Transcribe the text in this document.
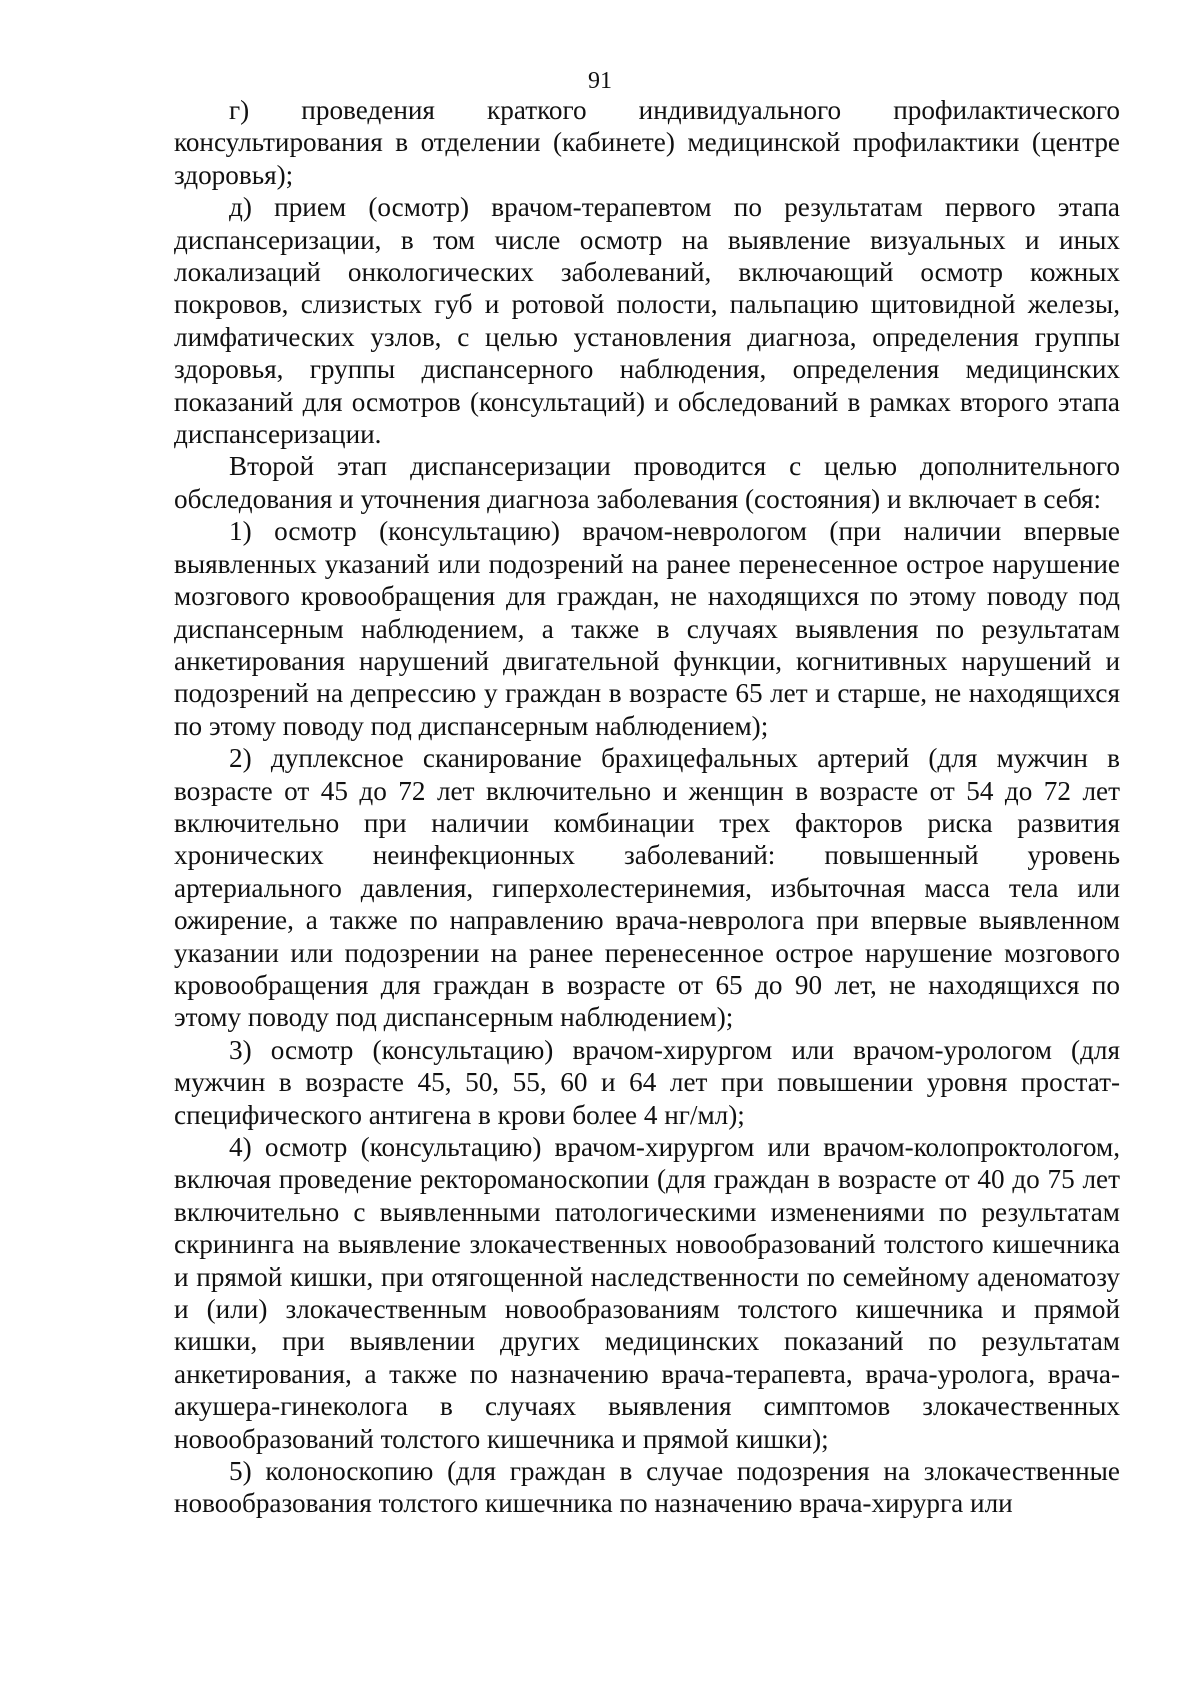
91

г) проведения краткого индивидуального профилактического консультирования в отделении (кабинете) медицинской профилактики (центре здоровья);

д) прием (осмотр) врачом-терапевтом по результатам первого этапа диспансеризации, в том числе осмотр на выявление визуальных и иных локализаций онкологических заболеваний, включающий осмотр кожных покровов, слизистых губ и ротовой полости, пальпацию щитовидной железы, лимфатических узлов, с целью установления диагноза, определения группы здоровья, группы диспансерного наблюдения, определения медицинских показаний для осмотров (консультаций) и обследований в рамках второго этапа диспансеризации.

Второй этап диспансеризации проводится с целью дополнительного обследования и уточнения диагноза заболевания (состояния) и включает в себя:

1) осмотр (консультацию) врачом-неврологом (при наличии впервые выявленных указаний или подозрений на ранее перенесенное острое нарушение мозгового кровообращения для граждан, не находящихся по этому поводу под диспансерным наблюдением, а также в случаях выявления по результатам анкетирования нарушений двигательной функции, когнитивных нарушений и подозрений на депрессию у граждан в возрасте 65 лет и старше, не находящихся по этому поводу под диспансерным наблюдением);

2) дуплексное сканирование брахицефальных артерий (для мужчин в возрасте от 45 до 72 лет включительно и женщин в возрасте от 54 до 72 лет включительно при наличии комбинации трех факторов риска развития хронических неинфекционных заболеваний: повышенный уровень артериального давления, гиперхолестеринемия, избыточная масса тела или ожирение, а также по направлению врача-невролога при впервые выявленном указании или подозрении на ранее перенесенное острое нарушение мозгового кровообращения для граждан в возрасте от 65 до 90 лет, не находящихся по этому поводу под диспансерным наблюдением);

3) осмотр (консультацию) врачом-хирургом или врачом-урологом (для мужчин в возрасте 45, 50, 55, 60 и 64 лет при повышении уровня простат-специфического антигена в крови более 4 нг/мл);

4) осмотр (консультацию) врачом-хирургом или врачом-колопроктологом, включая проведение ректороманоскопии (для граждан в возрасте от 40 до 75 лет включительно с выявленными патологическими изменениями по результатам скрининга на выявление злокачественных новообразований толстого кишечника и прямой кишки, при отягощенной наследственности по семейному аденоматозу и (или) злокачественным новообразованиям толстого кишечника и прямой кишки, при выявлении других медицинских показаний по результатам анкетирования, а также по назначению врача-терапевта, врача-уролога, врача-акушера-гинеколога в случаях выявления симптомов злокачественных новообразований толстого кишечника и прямой кишки);

5) колоноскопию (для граждан в случае подозрения на злокачественные новообразования толстого кишечника по назначению врача-хирурга или
